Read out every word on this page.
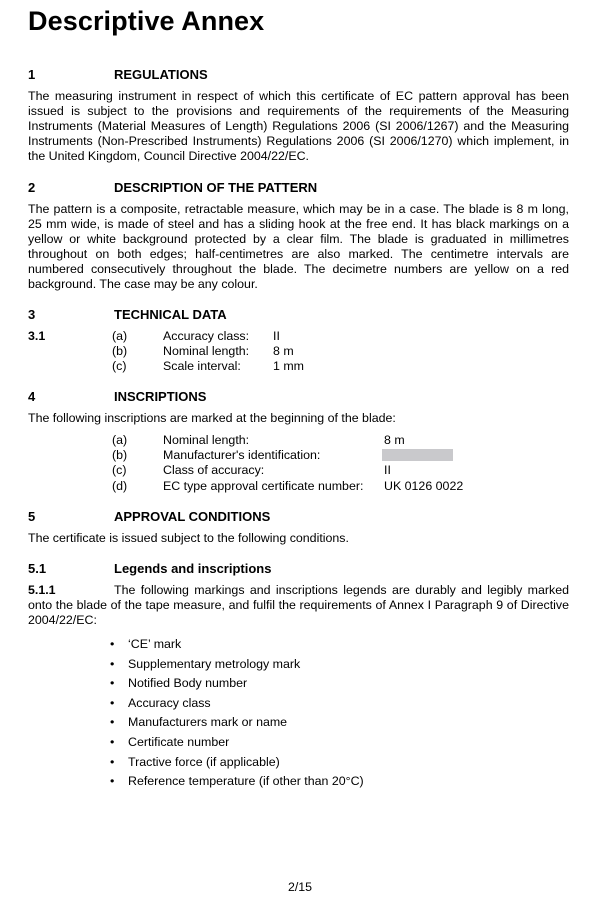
Descriptive Annex
1	REGULATIONS
The measuring instrument in respect of which this certificate of EC pattern approval has been issued is subject to the provisions and requirements of the requirements of the Measuring Instruments (Material Measures of Length) Regulations 2006 (SI 2006/1267) and the Measuring Instruments (Non-Prescribed Instruments) Regulations 2006 (SI 2006/1270) which implement, in the United Kingdom, Council Directive 2004/22/EC.
2	DESCRIPTION OF THE PATTERN
The pattern is a composite, retractable measure, which may be in a case. The blade is 8 m long, 25 mm wide, is made of steel and has a sliding hook at the free end. It has black markings on a yellow or white background protected by a clear film. The blade is graduated in millimetres throughout on both edges; half-centimetres are also marked. The centimetre intervals are numbered consecutively throughout the blade. The decimetre numbers are yellow on a red background. The case may be any colour.
3	TECHNICAL DATA
3.1	(a)	Accuracy class: II
(b)	Nominal length: 8 m
(c)	Scale interval:	1 mm
4	INSCRIPTIONS
The following inscriptions are marked at the beginning of the blade:
(a)	Nominal length:	8 m
(b)	Manufacturer's identification:
(c)	Class of accuracy:	II
(d)	EC type approval certificate number: UK 0126 0022
5	APPROVAL CONDITIONS
The certificate is issued subject to the following conditions.
5.1	Legends and inscriptions
5.1.1	The following markings and inscriptions legends are durably and legibly marked onto the blade of the tape measure, and fulfil the requirements of Annex I Paragraph 9 of Directive 2004/22/EC:
• ‘CE’ mark
• Supplementary metrology mark
• Notified Body number
• Accuracy class
• Manufacturers mark or name
• Certificate number
• Tractive force (if applicable)
• Reference temperature (if other than 20°C)
2/15
